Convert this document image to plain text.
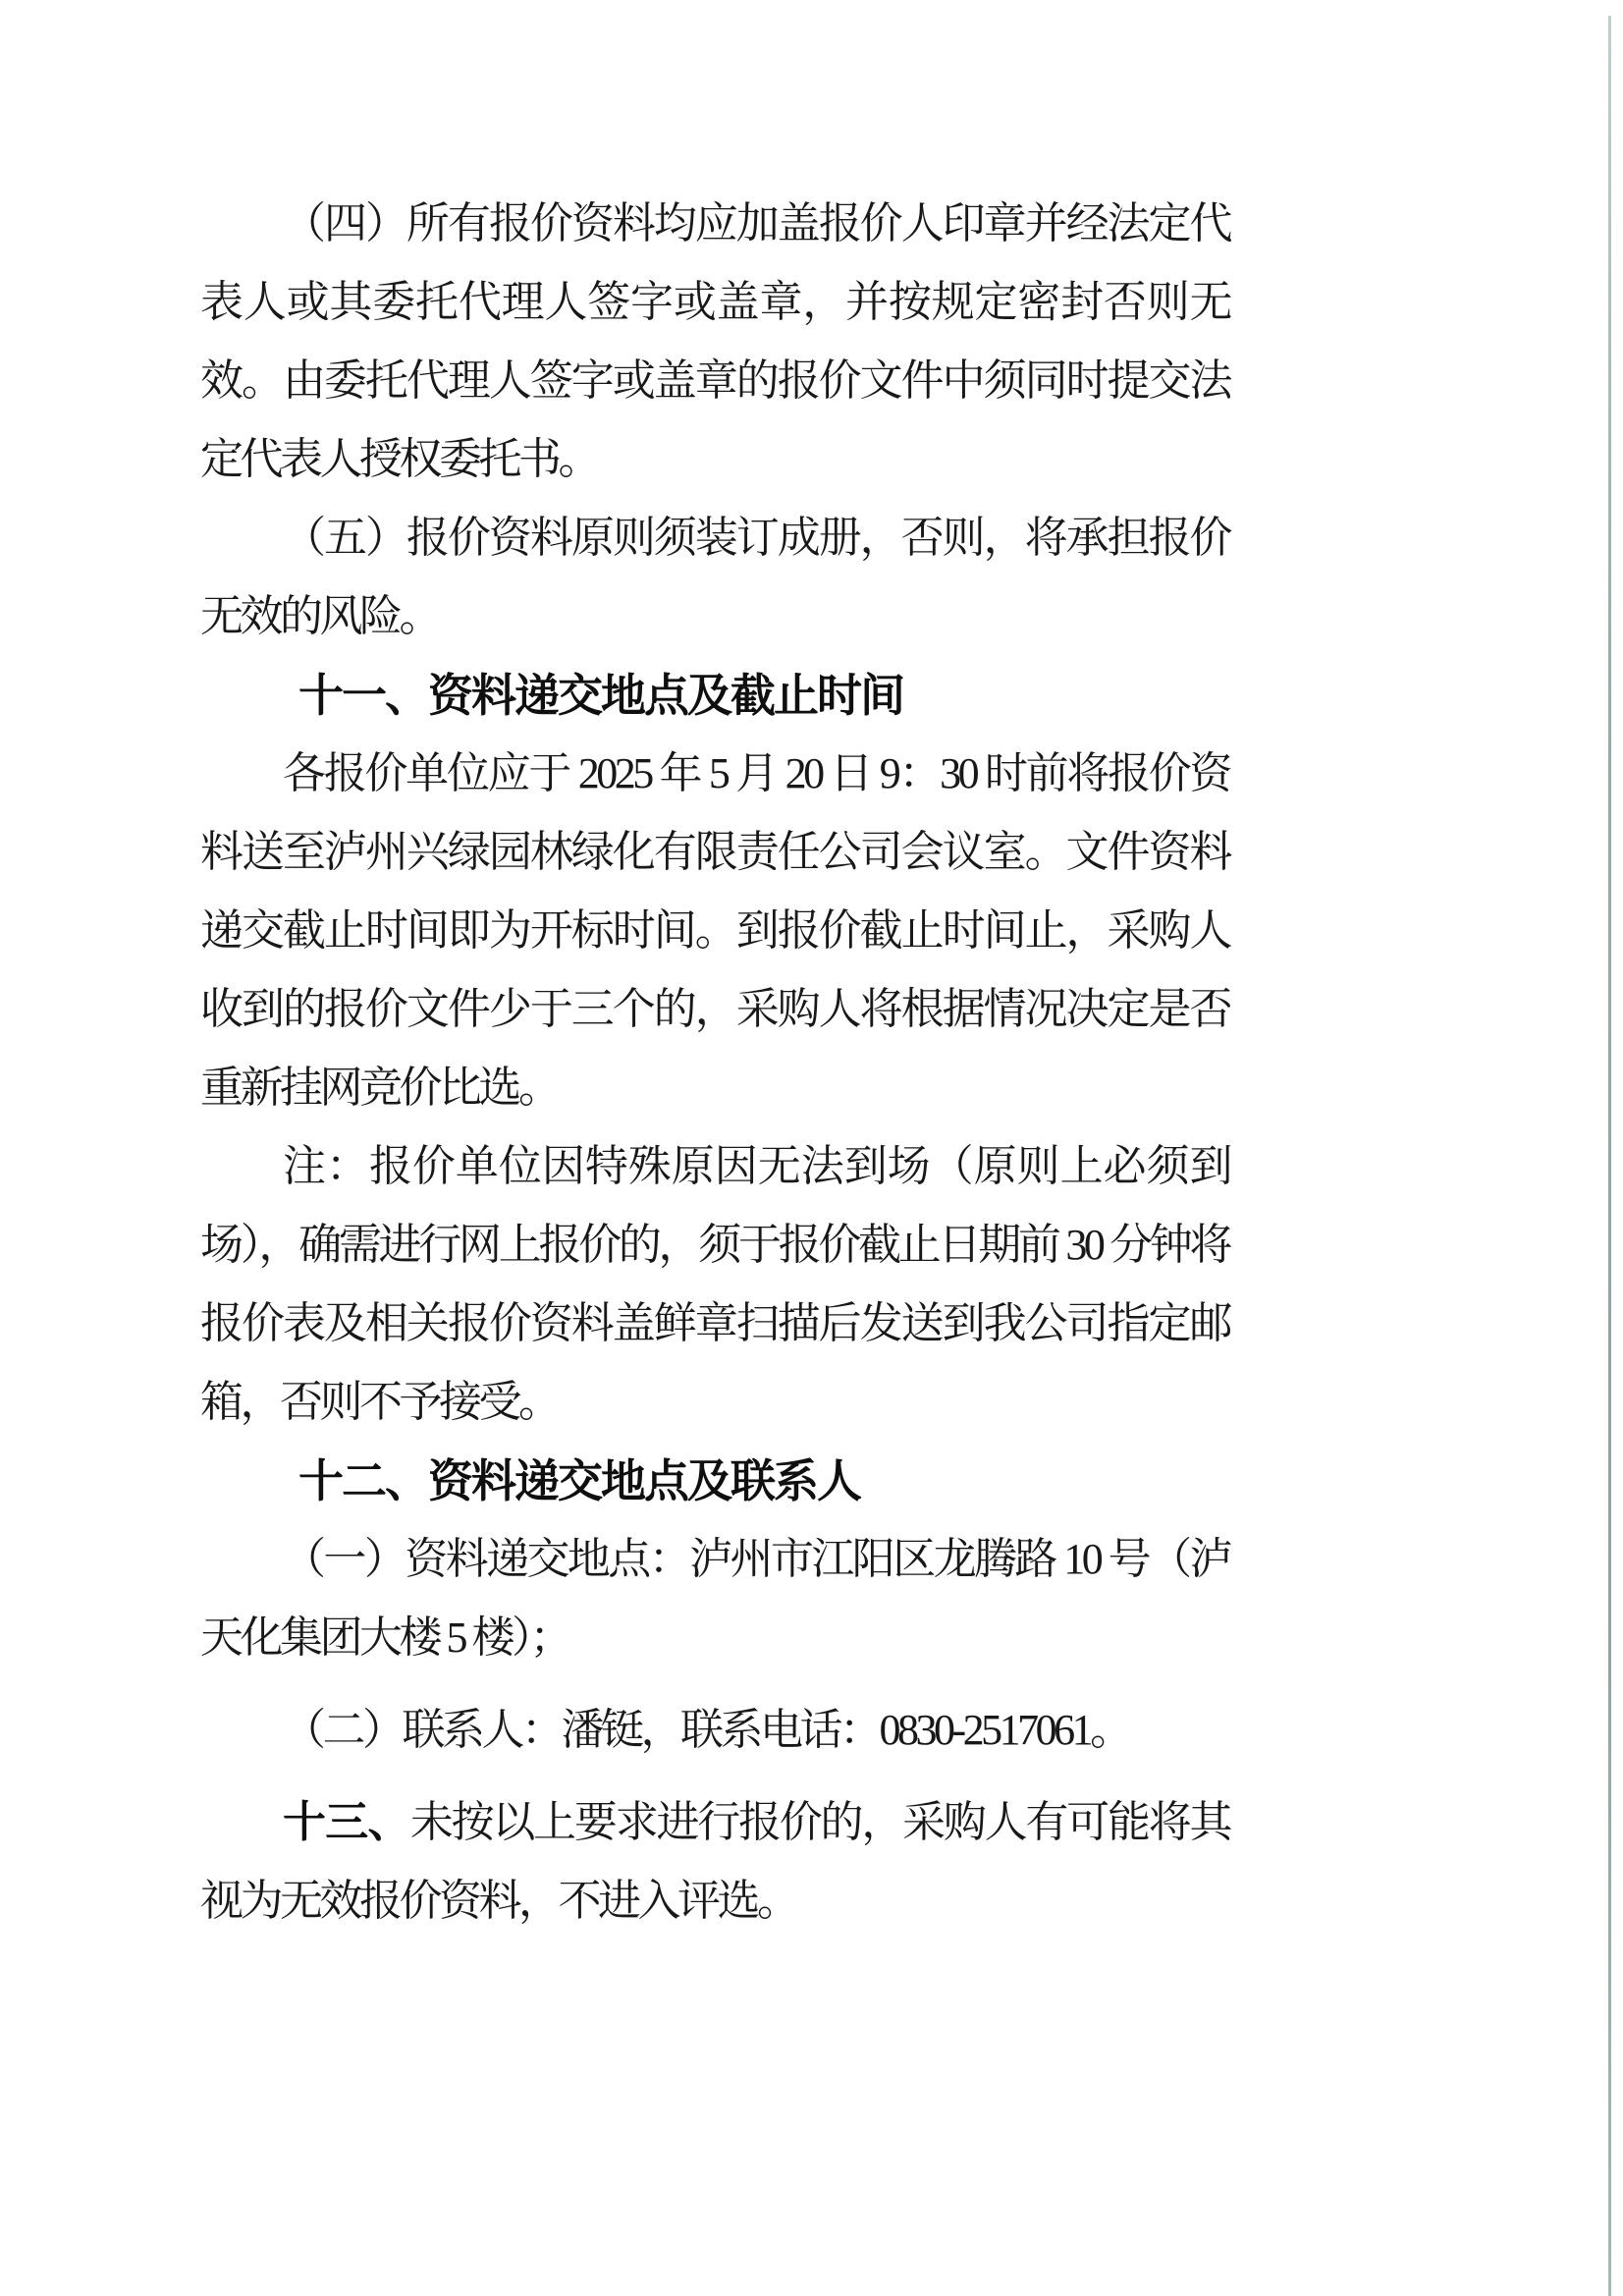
（四）所有报价资料均应加盖报价人印章并经法定代表人或其委托代理人签字或盖章，并按规定密封否则无效。由委托代理人签字或盖章的报价文件中须同时提交法定代表人授权委托书。

（五）报价资料原则须装订成册，否则，将承担报价无效的风险。

十一、资料递交地点及截止时间

各报价单位应于 2025 年 5 月 20 日 9：30 时前将报价资料送至泸州兴绿园林绿化有限责任公司会议室。文件资料递交截止时间即为开标时间。到报价截止时间止，采购人收到的报价文件少于三个的，采购人将根据情况决定是否重新挂网竞价比选。

注：报价单位因特殊原因无法到场（原则上必须到场），确需进行网上报价的，须于报价截止日期前 30 分钟将报价表及相关报价资料盖鲜章扫描后发送到我公司指定邮箱，否则不予接受。

十二、资料递交地点及联系人

（一）资料递交地点：泸州市江阳区龙腾路 10 号（泸天化集团大楼 5 楼）；

（二）联系人：潘铤，联系电话：0830-2517061。

十三、未按以上要求进行报价的，采购人有可能将其视为无效报价资料，不进入评选。
